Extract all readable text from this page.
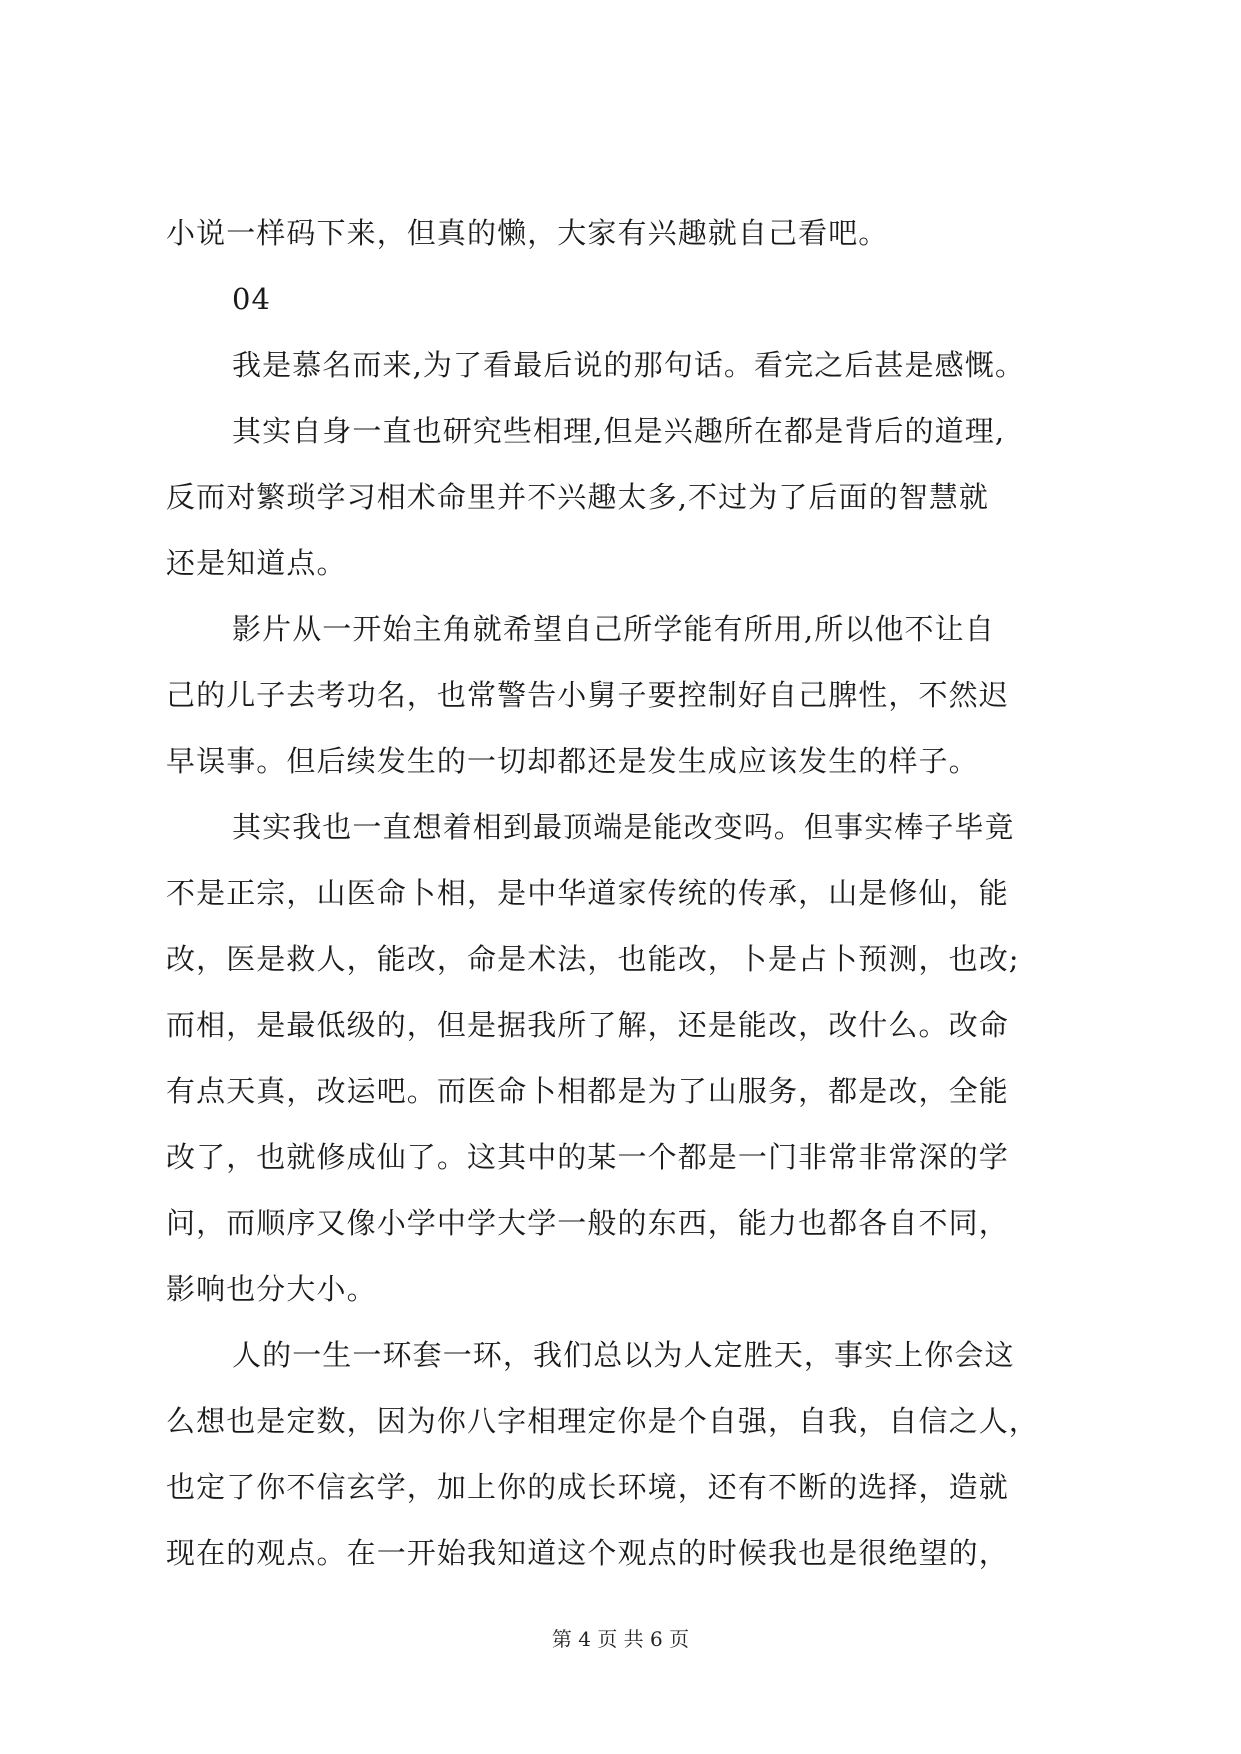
小说一样码下来，但真的懒，大家有兴趣就自己看吧。
04
我是慕名而来,为了看最后说的那句话。看完之后甚是感慨。
其实自身一直也研究些相理,但是兴趣所在都是背后的道理,
反而对繁琐学习相术命里并不兴趣太多,不过为了后面的智慧就
还是知道点。
影片从一开始主角就希望自己所学能有所用,所以他不让自
己的儿子去考功名，也常警告小舅子要控制好自己脾性，不然迟
早误事。但后续发生的一切却都还是发生成应该发生的样子。
其实我也一直想着相到最顶端是能改变吗。但事实棒子毕竟
不是正宗，山医命卜相，是中华道家传统的传承，山是修仙，能
改，医是救人，能改，命是术法，也能改，卜是占卜预测，也改;
而相，是最低级的，但是据我所了解，还是能改，改什么。改命
有点天真，改运吧。而医命卜相都是为了山服务，都是改，全能
改了，也就修成仙了。这其中的某一个都是一门非常非常深的学
问，而顺序又像小学中学大学一般的东西，能力也都各自不同，
影响也分大小。
人的一生一环套一环，我们总以为人定胜天，事实上你会这
么想也是定数，因为你八字相理定你是个自强，自我，自信之人，
也定了你不信玄学，加上你的成长环境，还有不断的选择，造就
现在的观点。在一开始我知道这个观点的时候我也是很绝望的，
第 4 页 共 6 页
